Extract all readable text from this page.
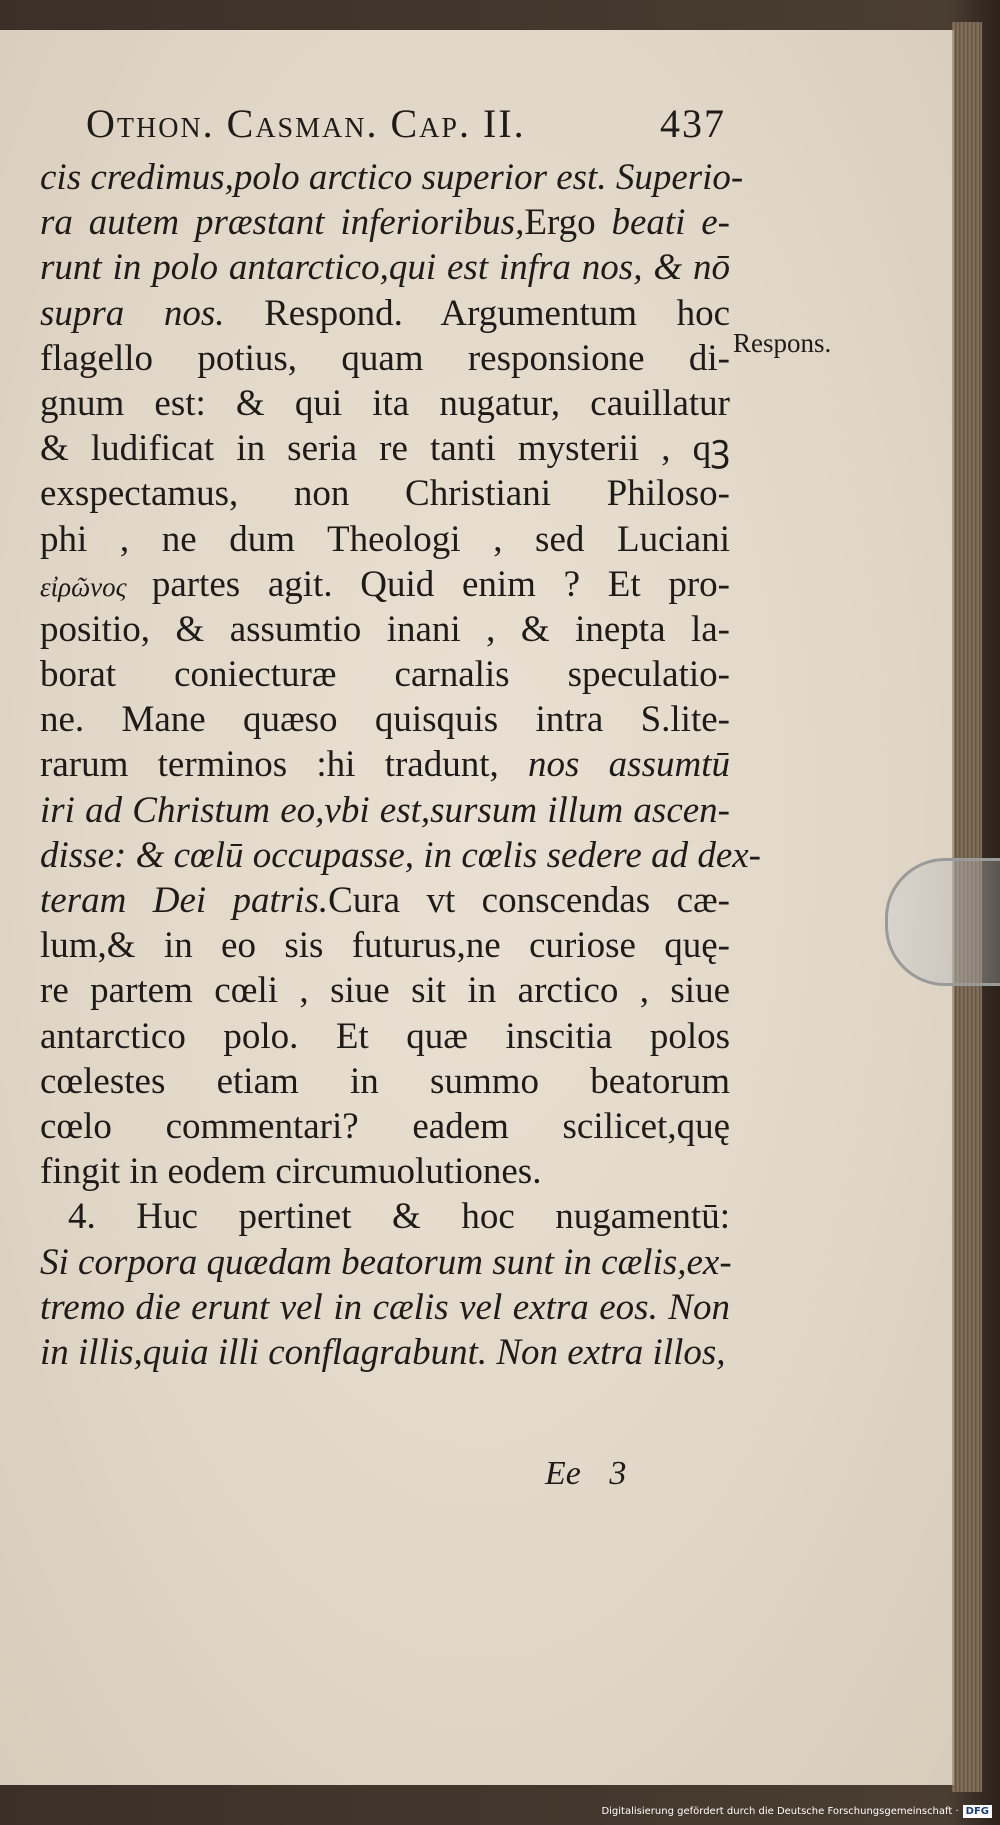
Othon. Casman. Cap. II.	437
Respons.
cis credimus,polo arctico superior est. Superio-
ra autem præstant inferioribus,Ergo beati e-
runt in polo antarctico,qui est infra nos, & nō
supra nos. Respond. Argumentum hoc
flagello potius, quam responsione di-
gnum est: & qui ita nugatur, cauillatur
& ludificat in seria re tanti mysterii , qꝫ
exspectamus, non Christiani Philoso-
phi , ne dum Theologi , sed Luciani
εἰρῶνος partes agit. Quid enim ? Et pro-
positio, & assumtio inani , & inepta la-
borat coniecturæ carnalis speculatio-
ne. Mane quæso quisquis intra S.lite-
rarum terminos :hi tradunt, nos assumtū
iri ad Christum eo,vbi est,sursum illum ascen-
disse: & cœlū occupasse, in cœlis sedere ad dex-
teram Dei patris.Cura vt conscendas cæ-
lum,& in eo sis futurus,ne curiose quę-
re partem cœli , siue sit in arctico , siue
antarctico polo. Et quæ inscitia polos
cœlestes etiam in summo beatorum
cœlo commentari? eadem scilicet,quę
fingit in eodem circumuolutiones.
4. Huc pertinet & hoc nugamentū:
Si corpora quædam beatorum sunt in cælis,ex-
tremo die erunt vel in cælis vel extra eos. Non
in illis,quia illi conflagrabunt. Non extra illos,
Ee 3
Digitalisierung gefördert durch die Deutsche Forschungsgemeinschaft · DFG
